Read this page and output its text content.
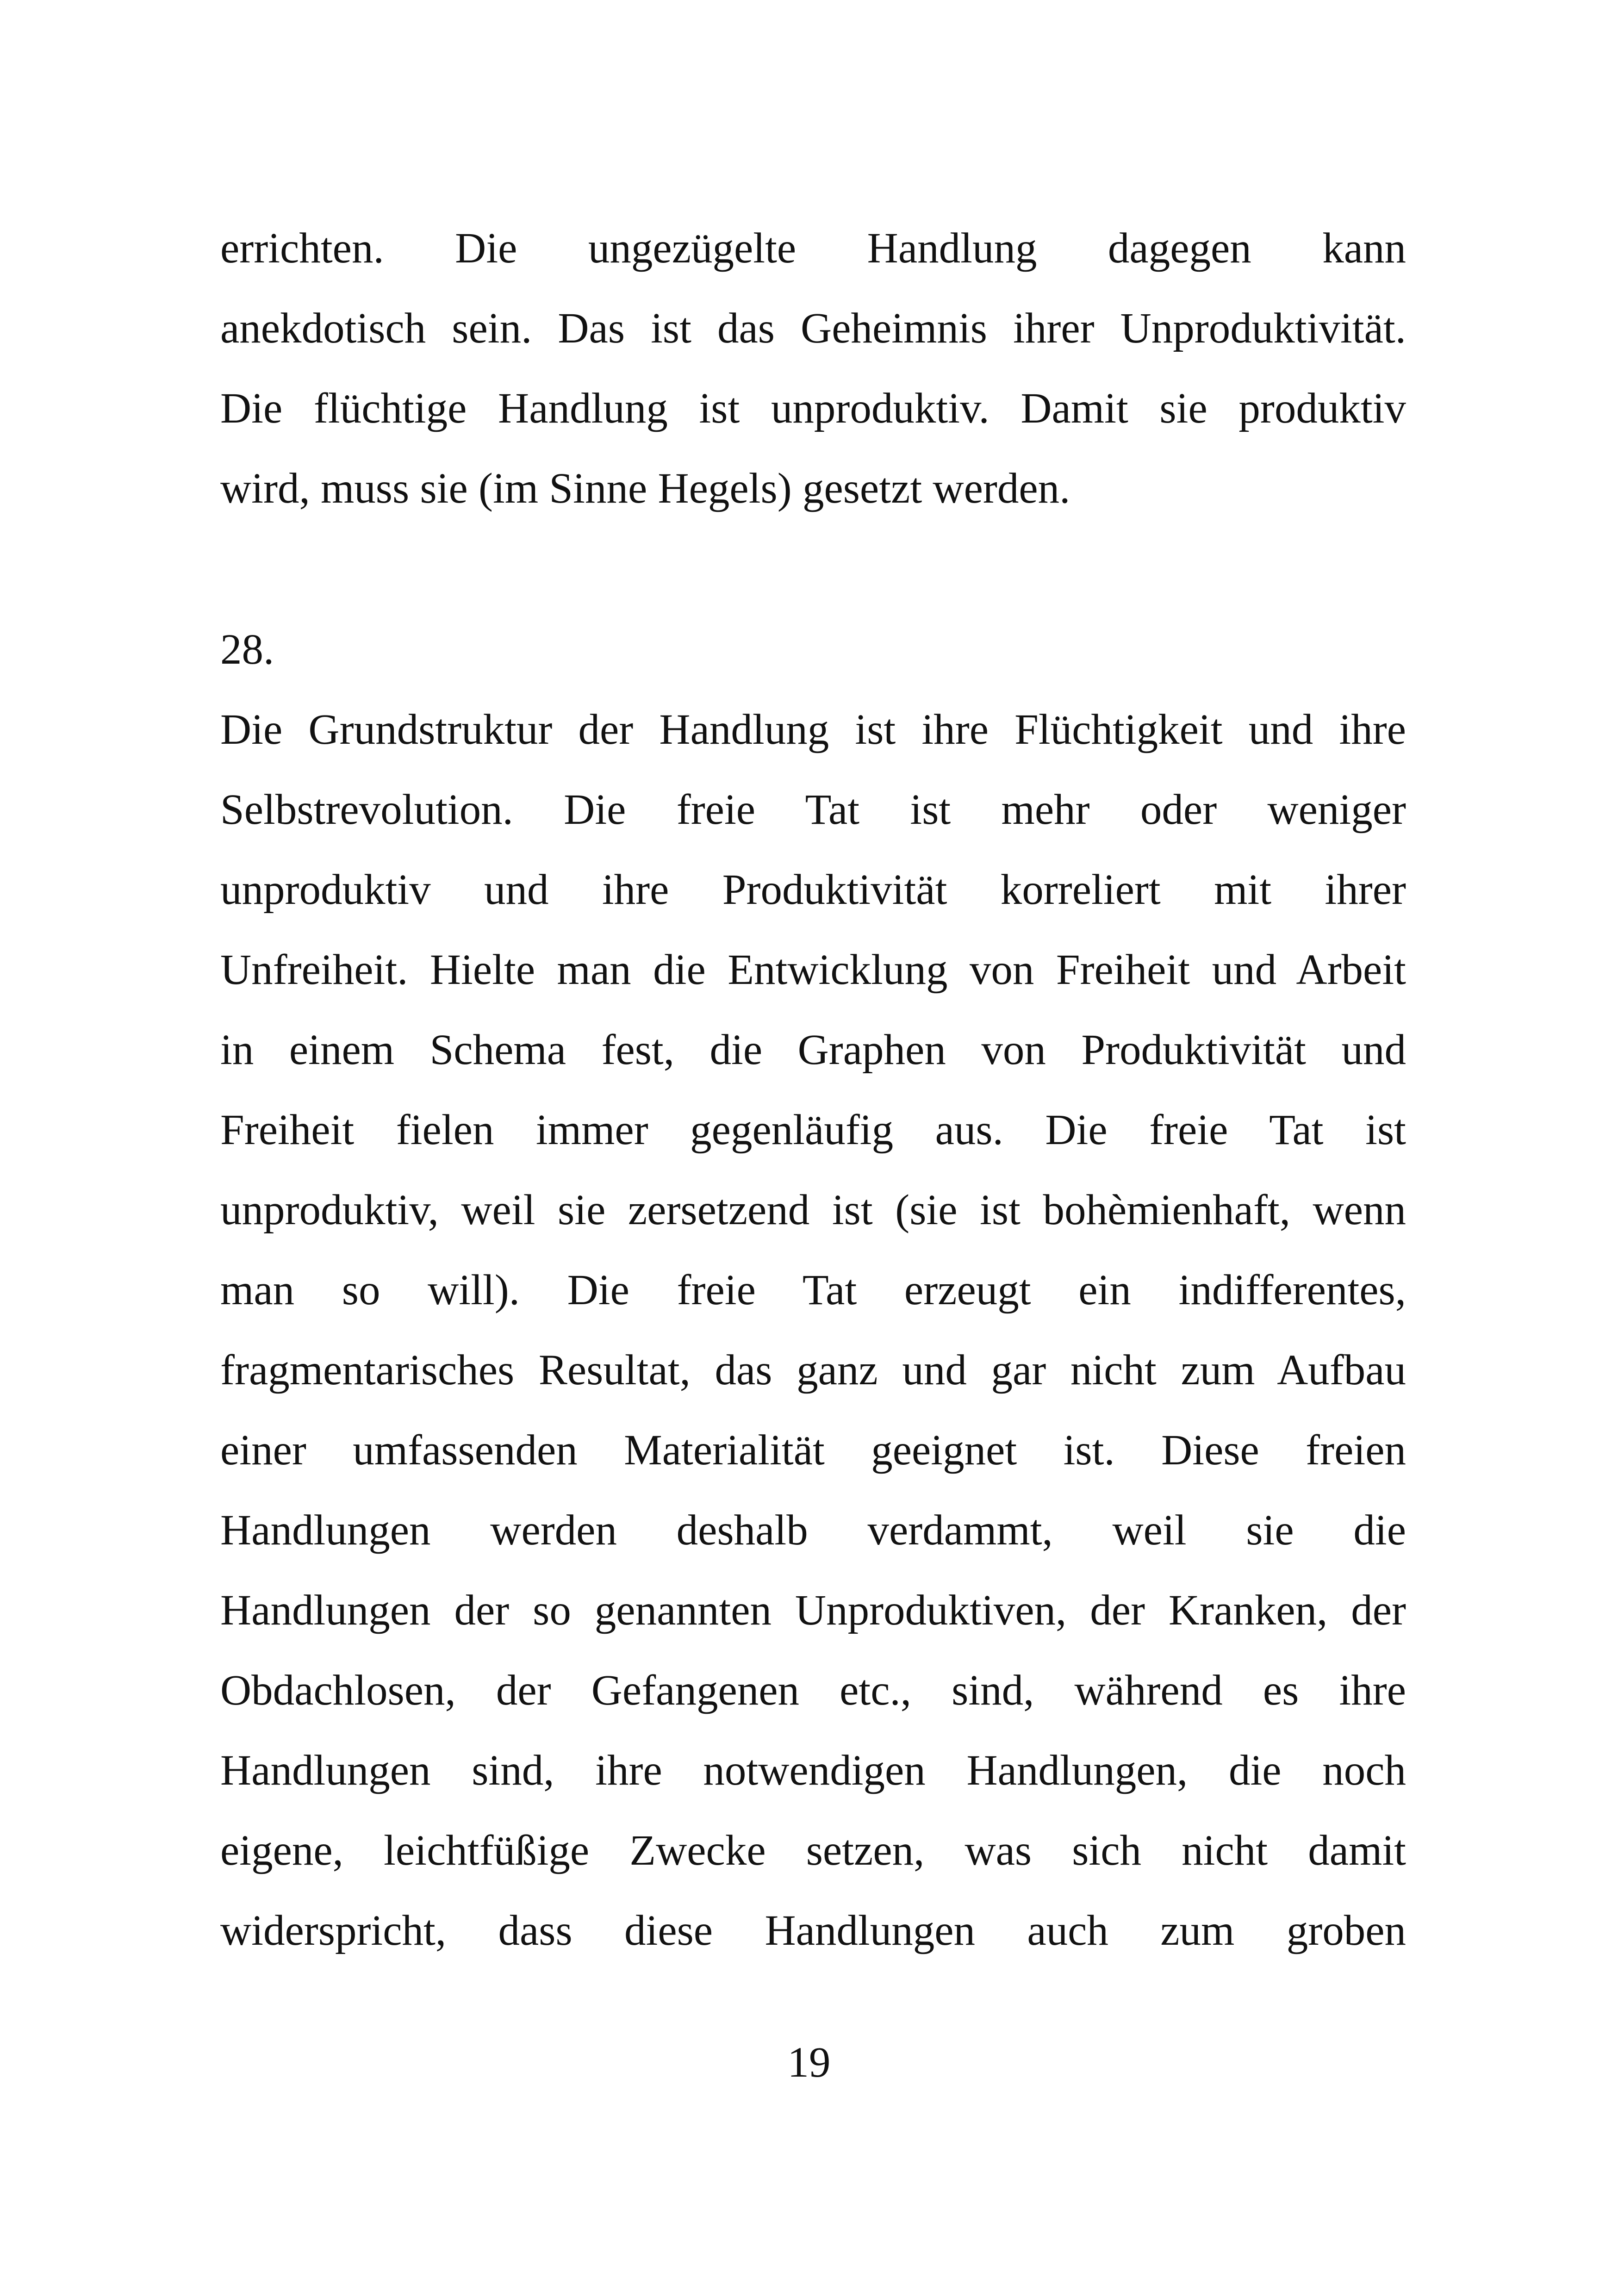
errichten. Die ungezügelte Handlung dagegen kann
anekdotisch sein. Das ist das Geheimnis ihrer Unproduktivität.
Die flüchtige Handlung ist unproduktiv. Damit sie produktiv
wird, muss sie (im Sinne Hegels) gesetzt werden.
28.
Die Grundstruktur der Handlung ist ihre Flüchtigkeit und ihre
Selbstrevolution. Die freie Tat ist mehr oder weniger
unproduktiv und ihre Produktivität korreliert mit ihrer
Unfreiheit. Hielte man die Entwicklung von Freiheit und Arbeit
in einem Schema fest, die Graphen von Produktivität und
Freiheit fielen immer gegenläufig aus. Die freie Tat ist
unproduktiv, weil sie zersetzend ist (sie ist bohèmienhaft, wenn
man so will). Die freie Tat erzeugt ein indifferentes,
fragmentarisches Resultat, das ganz und gar nicht zum Aufbau
einer umfassenden Materialität geeignet ist. Diese freien
Handlungen werden deshalb verdammt, weil sie die
Handlungen der so genannten Unproduktiven, der Kranken, der
Obdachlosen, der Gefangenen etc., sind, während es ihre
Handlungen sind, ihre notwendigen Handlungen, die noch
eigene, leichtfüßige Zwecke setzen, was sich nicht damit
widerspricht, dass diese Handlungen auch zum groben
19
